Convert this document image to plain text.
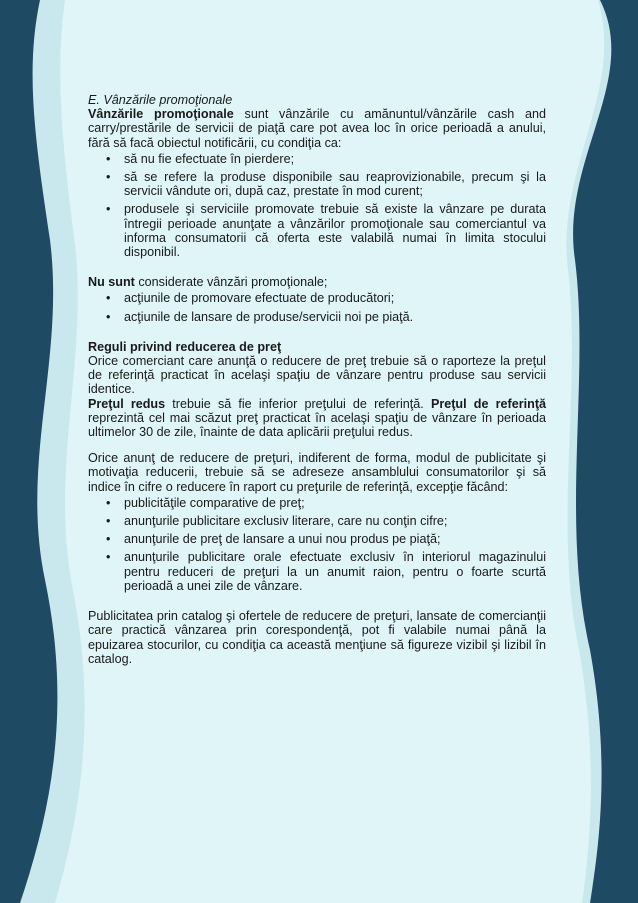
E. Vânzările promoţionale

Vânzările promoţionale sunt vânzările cu amănuntul/vânzările cash and carry/prestările de servicii de piaţă care pot avea loc în orice perioadă a anului, fără să facă obiectul notificării, cu condiţia ca:

• să nu fie efectuate în pierdere;
• să se refere la produse disponibile sau reaprovizionabile, precum şi la servicii vândute ori, după caz, prestate în mod curent;
• produsele şi serviciile promovate trebuie să existe la vânzare pe durata întregii perioade anunţate a vânzărilor promoţionale sau comerciantul va informa consumatorii că oferta este valabilă numai în limita stocului disponibil.

Nu sunt considerate vânzări promoţionale;

• acţiunile de promovare efectuate de producători;
• acţiunile de lansare de produse/servicii noi pe piaţă.

Reguli privind reducerea de preţ

Orice comerciant care anunţă o reducere de preţ trebuie să o raporteze la preţul de referinţă practicat în acelaşi spaţiu de vânzare pentru produse sau servicii identice.

Preţul redus trebuie să fie inferior preţului de referinţă. Preţul de referinţă reprezintă cel mai scăzut preţ practicat în acelaşi spaţiu de vânzare în perioada ultimelor 30 de zile, înainte de data aplicării preţului redus.

Orice anunţ de reducere de preţuri, indiferent de forma, modul de publicitate şi motivaţia reducerii, trebuie să se adreseze ansamblului consumatorilor şi să indice în cifre o reducere în raport cu preţurile de referinţă, excepţie făcând:

• publicităţile comparative de preţ;
• anunţurile publicitare exclusiv literare, care nu conţin cifre;
• anunţurile de preţ de lansare a unui nou produs pe piaţă;
• anunţurile publicitare orale efectuate exclusiv în interiorul magazinului pentru reduceri de preţuri la un anumit raion, pentru o foarte scurtă perioadă a unei zile de vânzare.

Publicitatea prin catalog şi ofertele de reducere de preţuri, lansate de comercianţii care practică vânzarea prin corespondenţă, pot fi valabile numai până la epuizarea stocurilor, cu condiţia ca această menţiune să figureze vizibil şi lizibil în catalog.
